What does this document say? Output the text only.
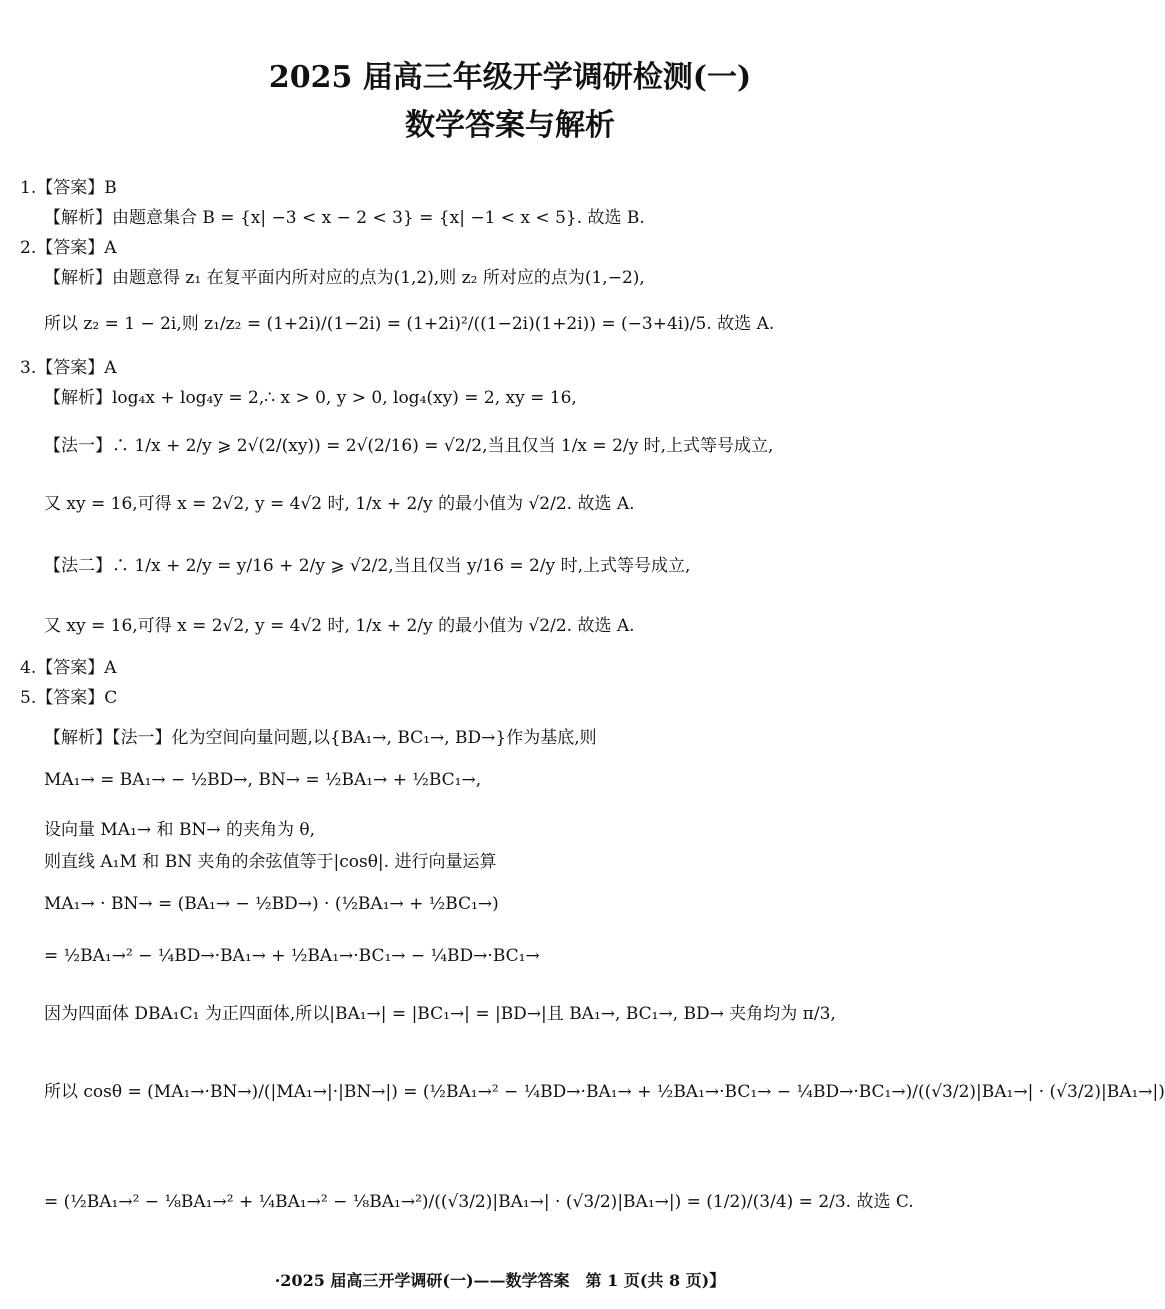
2025 届高三年级开学调研检测(一)
数学答案与解析
1.【答案】B
【解析】由题意集合 B = {x| −3 < x − 2 < 3} = {x| −1 < x < 5}. 故选 B.
2.【答案】A
【解析】由题意得 z₁ 在复平面内所对应的点为(1,2),则 z₂ 所对应的点为(1,−2),
所以 z₂ = 1 − 2i,则 z₁/z₂ = (1+2i)/(1−2i) = (1+2i)²/((1−2i)(1+2i)) = (−3+4i)/5. 故选 A.
3.【答案】A
【解析】log₄x + log₄y = 2,∴ x > 0, y > 0, log₄(xy) = 2, xy = 16,
【法一】∴ 1/x + 2/y ⩾ 2√(2/(xy)) = 2√(2/16) = √2/2,当且仅当 1/x = 2/y 时,上式等号成立,
又 xy = 16,可得 x = 2√2, y = 4√2 时, 1/x + 2/y 的最小值为 √2/2. 故选 A.
【法二】∴ 1/x + 2/y = y/16 + 2/y ⩾ √2/2,当且仅当 y/16 = 2/y 时,上式等号成立,
又 xy = 16,可得 x = 2√2, y = 4√2 时, 1/x + 2/y 的最小值为 √2/2. 故选 A.
4.【答案】A
5.【答案】C
【解析】【法一】化为空间向量问题,以{BA₁→, BC₁→, BD→}作为基底,则
MA₁→ = BA₁→ − ½BD→, BN→ = ½BA₁→ + ½BC₁→,
设向量 MA₁→ 和 BN→ 的夹角为 θ,
则直线 A₁M 和 BN 夹角的余弦值等于|cosθ|. 进行向量运算
MA₁→ · BN→ = (BA₁→ − ½BD→) · (½BA₁→ + ½BC₁→)
= ½BA₁→² − ¼BD→·BA₁→ + ½BA₁→·BC₁→ − ¼BD→·BC₁→
因为四面体 DBA₁C₁ 为正四面体,所以|BA₁→| = |BC₁→| = |BD→|且 BA₁→, BC₁→, BD→ 夹角均为 π/3,
所以 cosθ = (MA₁→·BN→)/(|MA₁→|·|BN→|) = (½BA₁→² − ¼BD→·BA₁→ + ½BA₁→·BC₁→ − ¼BD→·BC₁→)/((√3/2)|BA₁→| · (√3/2)|BA₁→|)
= (½BA₁→² − ⅛BA₁→² + ¼BA₁→² − ⅛BA₁→²)/((√3/2)|BA₁→| · (√3/2)|BA₁→|) = (1/2)/(3/4) = 2/3. 故选 C.
·2025 届高三开学调研(一)——数学答案　第 1 页(共 8 页)】
